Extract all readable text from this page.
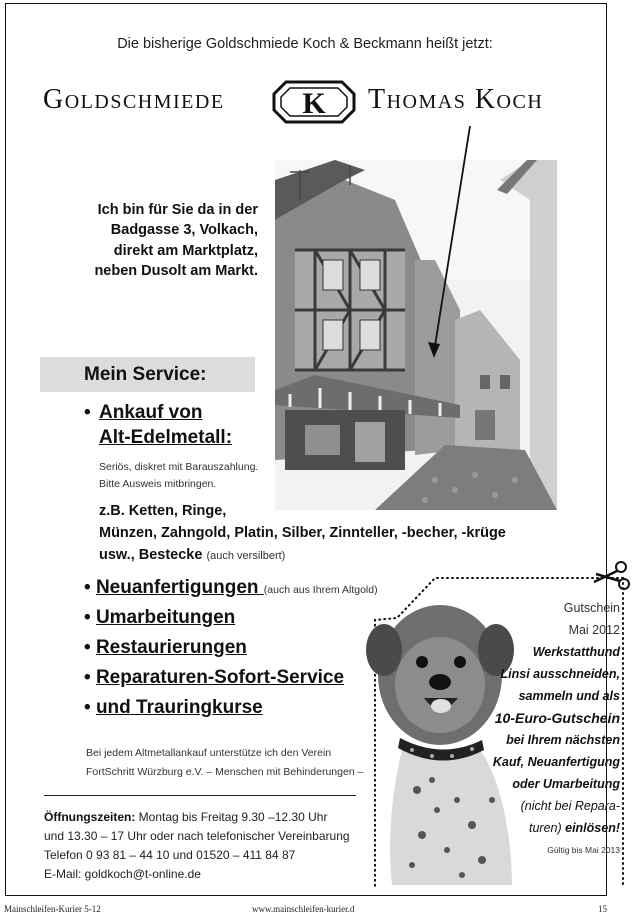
Die bisherige Goldschmiede Koch & Beckmann heißt jetzt:
Goldschmiede	K Thomas Koch
Ich bin für Sie da in der
Badgasse 3, Volkach,
direkt am Marktplatz,
neben Dusolt am Markt.
Mein Service:
• Ankauf von
Alt-Edelmetall:
Seriös, diskret mit Barauszahlung.
Bitte Ausweis mitbringen.
z.B. Ketten, Ringe,
Münzen, Zahngold, Platin, Silber, Zinnteller, -becher, -krüge
usw., Bestecke (auch versilbert)
• Neuanfertigungen (auch aus Ihrem Altgold)
• Umarbeitungen
• Restaurierungen
• Reparaturen-Sofort-Service
• und Trauringkurse
Bei jedem Altmetallankauf unterstütze ich den Verein
FortSchritt Würzburg e.V. – Menschen mit Behinderungen –
Öffnungszeiten: Montag bis Freitag 9.30 –12.30 Uhr
und 13.30 – 17 Uhr oder nach telefonischer Vereinbarung
Telefon 0 93 81 – 44 10 und 01520 – 411 84 87
E-Mail: goldkoch@t-online.de
Gutschein
Mai 2012
Werkstatthund
Linsi ausschneiden,
sammeln und als
10-Euro-Gutschein
bei Ihrem nächsten
Kauf, Neuanfertigung
oder Umarbeitung
(nicht bei Repara-
turen) einlösen!
Gültig bis Mai 2013
Mainschleifen-Kurier 5-12	www.mainschleifen-kurier.d	15
